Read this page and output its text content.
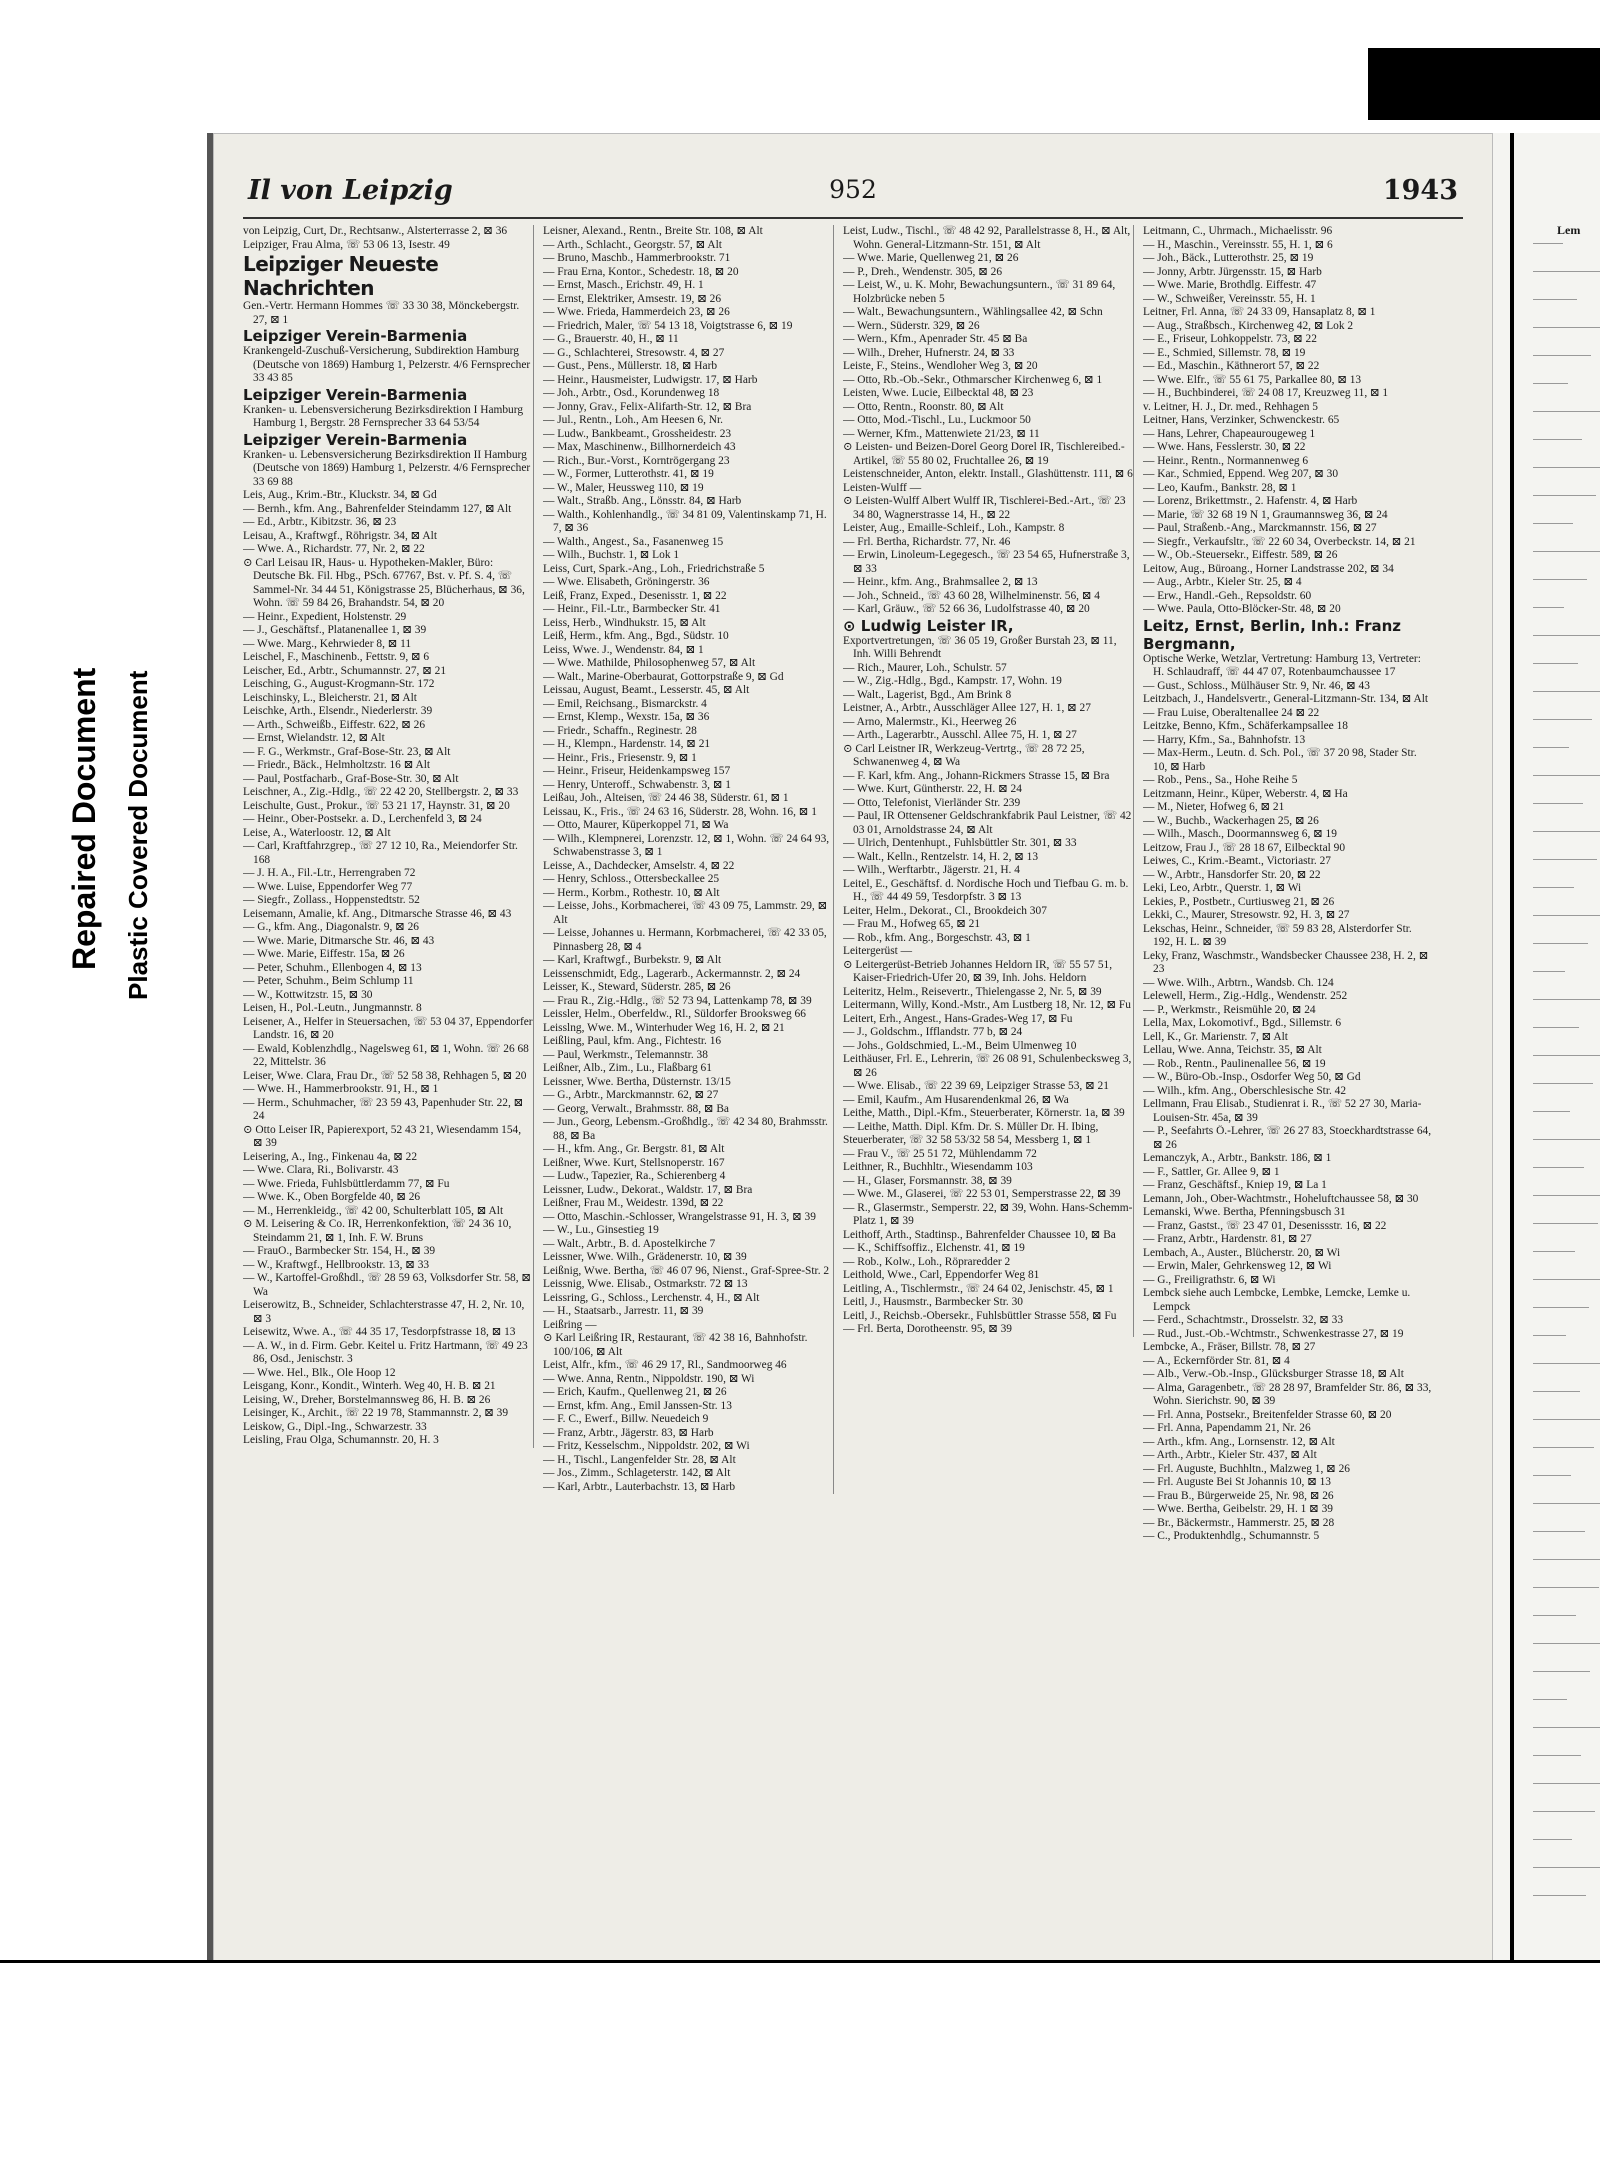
Repaired Document Plastic Covered Document
Il von Leipzig	952	1943
von Leipzig, Curt, Dr., Rechtsanw., Alsterterrasse 2, ⊠ 36
Leipziger, Frau Alma, ☏ 53 06 13, Isestr. 49
Leipziger Neueste Nachrichten
Gen.-Vertr. Hermann Hommes ☏ 33 30 38, Mönckebergstr. 27, ⊠ 1
Leipziger Verein-Barmenia
Krankengeld-Zuschuß-Versicherung, Subdirektion Hamburg (Deutsche von 1869) Hamburg 1, Pelzerstr. 4/6 Fernsprecher 33 43 85
Leipziger Verein-Barmenia
Kranken- u. Lebensversicherung Bezirksdirektion I Hamburg Hamburg 1, Bergstr. 28 Fernsprecher 33 64 53/54
Leipziger Verein-Barmenia
Kranken- u. Lebensversicherung Bezirksdirektion II Hamburg (Deutsche von 1869) Hamburg 1, Pelzerstr. 4/6 Fernsprecher 33 69 88
Leis, Aug., Krim.-Btr., Kluckstr. 34, ⊠ Gd
— Bernh., kfm. Ang., Bahrenfelder Steindamm 127, ⊠ Alt
— Ed., Arbtr., Kibitzstr. 36, ⊠ 23
Leisau, A., Kraftwgf., Röhrigstr. 34, ⊠ Alt
— Wwe. A., Richardstr. 77, Nr. 2, ⊠ 22
⊙ Carl Leisau IR, Haus- u. Hypotheken-Makler, Büro: Deutsche Bk. Fil. Hbg., PSch. 67767, Bst. v. Pf. S. 4, ☏ Sammel-Nr. 34 44 51, Königstrasse 25, Blücherhaus, ⊠ 36, Wohn. ☏ 59 84 26, Brahandstr. 54, ⊠ 20
— Heinr., Expedient, Holstenstr. 29
— J., Geschäftsf., Platanenallee 1, ⊠ 39
— Wwe. Marg., Kehrwieder 8, ⊠ 11
Leischel, F., Maschinenb., Fettstr. 9, ⊠ 6
Leischer, Ed., Arbtr., Schumannstr. 27, ⊠ 21
Leisching, G., August-Krogmann-Str. 172
Leischinsky, L., Bleicherstr. 21, ⊠ Alt
Leischke, Arth., Elsendr., Niederlerstr. 39
— Arth., Schweißb., Eiffestr. 622, ⊠ 26
— Ernst, Wielandstr. 12, ⊠ Alt
— F. G., Werkmstr., Graf-Bose-Str. 23, ⊠ Alt
— Friedr., Bäck., Helmholtzstr. 16 ⊠ Alt
— Paul, Postfacharb., Graf-Bose-Str. 30, ⊠ Alt
Leischner, A., Zig.-Hdlg., ☏ 22 42 20, Stellbergstr. 2, ⊠ 33
Leischulte, Gust., Prokur., ☏ 53 21 17, Haynstr. 31, ⊠ 20
— Heinr., Ober-Postsekr. a. D., Lerchenfeld 3, ⊠ 24
Leise, A., Waterloostr. 12, ⊠ Alt
— Carl, Kraftfahrzgrep., ☏ 27 12 10, Ra., Meiendorfer Str. 168
— J. H. A., Fil.-Ltr., Herrengraben 72
— Wwe. Luise, Eppendorfer Weg 77
— Siegfr., Zollass., Hoppenstedtstr. 52
Leisemann, Amalie, kf. Ang., Ditmarsche Strasse 46, ⊠ 43
— G., kfm. Ang., Diagonalstr. 9, ⊠ 26
— Wwe. Marie, Ditmarsche Str. 46, ⊠ 43
— Wwe. Marie, Eiffestr. 15a, ⊠ 26
— Peter, Schuhm., Ellenbogen 4, ⊠ 13
— Peter, Schuhm., Beim Schlump 11
— W., Kottwitzstr. 15, ⊠ 30
Leisen, H., Pol.-Leutn., Jungmannstr. 8
Leisener, A., Helfer in Steuersachen, ☏ 53 04 37, Eppendorfer Landstr. 16, ⊠ 20
— Ewald, Koblenzhdlg., Nagelsweg 61, ⊠ 1, Wohn. ☏ 26 68 22, Mittelstr. 36
Leiser, Wwe. Clara, Frau Dr., ☏ 52 58 38, Rehhagen 5, ⊠ 20
— Wwe. H., Hammerbrookstr. 91, H., ⊠ 1
— Herm., Schuhmacher, ☏ 23 59 43, Papenhuder Str. 22, ⊠ 24
⊙ Otto Leiser IR, Papierexport, 52 43 21, Wiesendamm 154, ⊠ 39
Leisering, A., Ing., Finkenau 4a, ⊠ 22
— Wwe. Clara, Ri., Bolivarstr. 43
— Wwe. Frieda, Fuhlsbüttlerdamm 77, ⊠ Fu
— Wwe. K., Oben Borgfelde 40, ⊠ 26
— M., Herrenkleidg., ☏ 42 00, Schulterblatt 105, ⊠ Alt
⊙ M. Leisering & Co. IR, Herrenkonfektion, ☏ 24 36 10, Steindamm 21, ⊠ 1, Inh. F. W. Bruns
— FrauO., Barmbecker Str. 154, H., ⊠ 39
— W., Kraftwgf., Hellbrookstr. 13, ⊠ 33
— W., Kartoffel-Großhdl., ☏ 28 59 63, Volksdorfer Str. 58, ⊠ Wa
Leiserowitz, B., Schneider, Schlachterstrasse 47, H. 2, Nr. 10, ⊠ 3
Leisewitz, Wwe. A., ☏ 44 35 17, Tesdorpfstrasse 18, ⊠ 13
— A. W., in d. Firm. Gebr. Keitel u. Fritz Hartmann, ☏ 49 23 86, Osd., Jenischstr. 3
— Wwe. Hel., Blk., Ole Hoop 12
Leisgang, Konr., Kondit., Winterh. Weg 40, H. B. ⊠ 21
Leising, W., Dreher, Borstelmannsweg 86, H. B. ⊠ 26
Leisinger, K., Archit., ☏ 22 19 78, Stammannstr. 2, ⊠ 39
Leiskow, G., Dipl.-Ing., Schwarzestr. 33
Leisling, Frau Olga, Schumannstr. 20, H. 3
Leisner, Alexand., Rentn., Breite Str. 108, ⊠ Alt
— Arth., Schlacht., Georgstr. 57, ⊠ Alt
— Bruno, Maschb., Hammerbrookstr. 71
— Frau Erna, Kontor., Schedestr. 18, ⊠ 20
— Ernst, Masch., Erichstr. 49, H. 1
— Ernst, Elektriker, Amsestr. 19, ⊠ 26
— Wwe. Frieda, Hammerdeich 23, ⊠ 26
— Friedrich, Maler, ☏ 54 13 18, Voigtstrasse 6, ⊠ 19
— G., Brauerstr. 40, H., ⊠ 11
— G., Schlachterei, Stresowstr. 4, ⊠ 27
— Gust., Pens., Müllerstr. 18, ⊠ Harb
— Heinr., Hausmeister, Ludwigstr. 17, ⊠ Harb
— Joh., Arbtr., Osd., Korundenweg 18
— Jonny, Grav., Felix-Alifarth-Str. 12, ⊠ Bra
— Jul., Rentn., Loh., Am Heesen 6, Nr.
— Ludw., Bankbeamt., Grossheidestr. 23
— Max, Maschinenw., Billhornerdeich 43
— Rich., Bur.-Vorst., Korntrögergang 23
— W., Former, Lutterothstr. 41, ⊠ 19
— W., Maler, Heussweg 110, ⊠ 19
— Walt., Straßb. Ang., Lönsstr. 84, ⊠ Harb
— Walth., Kohlenhandlg., ☏ 34 81 09, Valentinskamp 71, H. 7, ⊠ 36
— Walth., Angest., Sa., Fasanenweg 15
— Wilh., Buchstr. 1, ⊠ Lok 1
Leiss, Curt, Spark.-Ang., Loh., Friedrichstraße 5
— Wwe. Elisabeth, Gröningerstr. 36
Leiß, Franz, Exped., Desenisstr. 1, ⊠ 22
— Heinr., Fil.-Ltr., Barmbecker Str. 41
Leiss, Herb., Windhukstr. 15, ⊠ Alt
Leiß, Herm., kfm. Ang., Bgd., Südstr. 10
Leiss, Wwe. J., Wendenstr. 84, ⊠ 1
— Wwe. Mathilde, Philosophenweg 57, ⊠ Alt
— Walt., Marine-Oberbaurat, Gottorpstraße 9, ⊠ Gd
Leissau, August, Beamt., Lesserstr. 45, ⊠ Alt
— Emil, Reichsang., Bismarckstr. 4
— Ernst, Klemp., Wexstr. 15a, ⊠ 36
— Friedr., Schaffn., Reginestr. 28
— H., Klempn., Hardenstr. 14, ⊠ 21
— Heinr., Fris., Friesenstr. 9, ⊠ 1
— Heinr., Friseur, Heidenkampsweg 157
— Henry, Unteroff., Schwabenstr. 3, ⊠ 1
Leißau, Joh., Alteisen, ☏ 24 46 38, Süderstr. 61, ⊠ 1
Leissau, K., Fris., ☏ 24 63 16, Süderstr. 28, Wohn. 16, ⊠ 1
— Otto, Maurer, Küperkoppel 71, ⊠ Wa
— Wilh., Klempnerei, Lorenzstr. 12, ⊠ 1, Wohn. ☏ 24 64 93, Schwabenstrasse 3, ⊠ 1
Leisse, A., Dachdecker, Amselstr. 4, ⊠ 22
— Henry, Schloss., Ottersbeckallee 25
— Herm., Korbm., Rothestr. 10, ⊠ Alt
— Leisse, Johs., Korbmacherei, ☏ 43 09 75, Lammstr. 29, ⊠ Alt
— Leisse, Johannes u. Hermann, Korbmacherei, ☏ 42 33 05, Pinnasberg 28, ⊠ 4
— Karl, Kraftwgf., Burbekstr. 9, ⊠ Alt
Leissenschmidt, Edg., Lagerarb., Ackermannstr. 2, ⊠ 24
Leisser, K., Steward, Süderstr. 285, ⊠ 26
— Frau R., Zig.-Hdlg., ☏ 52 73 94, Lattenkamp 78, ⊠ 39
Leissler, Helm., Oberfeldw., Rl., Süldorfer Brooksweg 66
Leisslng, Wwe. M., Winterhuder Weg 16, H. 2, ⊠ 21
Leißling, Paul, kfm. Ang., Fichtestr. 16
— Paul, Werkmstr., Telemannstr. 38
Leißner, Alb., Zim., Lu., Flaßbarg 61
Leissner, Wwe. Bertha, Düsternstr. 13/15
— G., Arbtr., Marckmannstr. 62, ⊠ 27
— Georg, Verwalt., Brahmsstr. 88, ⊠ Ba
— Jun., Georg, Lebensm.-Großhdlg., ☏ 42 34 80, Brahmsstr. 88, ⊠ Ba
— H., kfm. Ang., Gr. Bergstr. 81, ⊠ Alt
Leißner, Wwe. Kurt, Stellsnoperstr. 167
— Ludw., Tapezier, Ra., Schierenberg 4
Leissner, Ludw., Dekorat., Waldstr. 17, ⊠ Bra
Leißner, Frau M., Weidestr. 139d, ⊠ 22
— Otto, Maschin.-Schlosser, Wrangelstrasse 91, H. 3, ⊠ 39
— W., Lu., Ginsestieg 19
— Walt., Arbtr., B. d. Apostelkirche 7
Leissner, Wwe. Wilh., Grädenerstr. 10, ⊠ 39
Leißnig, Wwe. Bertha, ☏ 46 07 96, Nienst., Graf-Spree-Str. 2
Leissnig, Wwe. Elisab., Ostmarkstr. 72 ⊠ 13
Leissring, G., Schloss., Lerchenstr. 4, H., ⊠ Alt
— H., Staatsarb., Jarrestr. 11, ⊠ 39
Leißring —
⊙ Karl Leißring IR, Restaurant, ☏ 42 38 16, Bahnhofstr. 100/106, ⊠ Alt
Leist, Alfr., kfm., ☏ 46 29 17, Rl., Sandmoorweg 46
— Wwe. Anna, Rentn., Nippoldstr. 190, ⊠ Wi
— Erich, Kaufm., Quellenweg 21, ⊠ 26
— Ernst, kfm. Ang., Emil Janssen-Str. 13
— F. C., Ewerf., Billw. Neuedeich 9
— Franz, Arbtr., Jägerstr. 83, ⊠ Harb
— Fritz, Kesselschm., Nippoldstr. 202, ⊠ Wi
— H., Tischl., Langenfelder Str. 28, ⊠ Alt
— Jos., Zimm., Schlageterstr. 142, ⊠ Alt
— Karl, Arbtr., Lauterbachstr. 13, ⊠ Harb
Leist, Ludw., Tischl., ☏ 48 42 92, Parallelstrasse 8, H., ⊠ Alt, Wohn. General-Litzmann-Str. 151, ⊠ Alt
— Wwe. Marie, Quellenweg 21, ⊠ 26
— P., Dreh., Wendenstr. 305, ⊠ 26
— Leist, W., u. K. Mohr, Bewachungsuntern., ☏ 31 89 64, Holzbrücke neben 5
— Walt., Bewachungsuntern., Wählingsallee 42, ⊠ Schn
— Wern., Süderstr. 329, ⊠ 26
— Wern., Kfm., Apenrader Str. 45 ⊠ Ba
— Wilh., Dreher, Hufnerstr. 24, ⊠ 33
Leiste, F., Steins., Wendloher Weg 3, ⊠ 20
— Otto, Rb.-Ob.-Sekr., Othmarscher Kirchenweg 6, ⊠ 1
Leisten, Wwe. Lucie, Eilbecktal 48, ⊠ 23
— Otto, Rentn., Roonstr. 80, ⊠ Alt
— Otto, Mod.-Tischl., Lu., Luckmoor 50
— Werner, Kfm., Mattenwiete 21/23, ⊠ 11
⊙ Leisten- und Beizen-Dorel Georg Dorel IR, Tischlereibed.-Artikel, ☏ 55 80 02, Fruchtallee 26, ⊠ 19
Leistenschneider, Anton, elektr. Install., Glashüttenstr. 111, ⊠ 6
Leisten-Wulff —
⊙ Leisten-Wulff Albert Wulff IR, Tischlerei-Bed.-Art., ☏ 23 34 80, Wagnerstrasse 14, H., ⊠ 22
Leister, Aug., Emaille-Schleif., Loh., Kampstr. 8
— Frl. Bertha, Richardstr. 77, Nr. 46
— Erwin, Linoleum-Legegesch., ☏ 23 54 65, Hufnerstraße 3, ⊠ 33
— Heinr., kfm. Ang., Brahmsallee 2, ⊠ 13
— Joh., Schneid., ☏ 43 60 28, Wilhelminenstr. 56, ⊠ 4
— Karl, Gräuw., ☏ 52 66 36, Ludolfstrasse 40, ⊠ 20
⊙ Ludwig Leister IR,
Exportvertretungen, ☏ 36 05 19, Großer Burstah 23, ⊠ 11, Inh. Willi Behrendt
— Rich., Maurer, Loh., Schulstr. 57
— W., Zig.-Hdlg., Bgd., Kampstr. 17, Wohn. 19
— Walt., Lagerist, Bgd., Am Brink 8
Leistner, A., Arbtr., Ausschläger Allee 127, H. 1, ⊠ 27
— Arno, Malermstr., Ki., Heerweg 26
— Arth., Lagerarbtr., Ausschl. Allee 75, H. 1, ⊠ 27
⊙ Carl Leistner IR, Werkzeug-Vertrtg., ☏ 28 72 25, Schwanenweg 4, ⊠ Wa
— F. Karl, kfm. Ang., Johann-Rickmers Strasse 15, ⊠ Bra
— Wwe. Kurt, Güntherstr. 22, H. ⊠ 24
— Otto, Telefonist, Vierländer Str. 239
— Paul, IR Ottensener Geldschrankfabrik Paul Leistner, ☏ 42 03 01, Arnoldstrasse 24, ⊠ Alt
— Ulrich, Dentenhupt., Fuhlsbüttler Str. 301, ⊠ 33
— Walt., Kelln., Rentzelstr. 14, H. 2, ⊠ 13
— Wilh., Werftarbtr., Jägerstr. 21, H. 4
Leitel, E., Geschäftsf. d. Nordische Hoch und Tiefbau G. m. b. H., ☏ 44 49 59, Tesdorpfstr. 3 ⊠ 13
Leiter, Helm., Dekorat., Cl., Brookdeich 307
— Frau M., Hofweg 65, ⊠ 21
— Rob., kfm. Ang., Borgeschstr. 43, ⊠ 1
Leitergerüst —
⊙ Leitergerüst-Betrieb Johannes Heldorn IR, ☏ 55 57 51, Kaiser-Friedrich-Ufer 20, ⊠ 39, Inh. Johs. Heldorn
Leiteritz, Helm., Reisevertr., Thielengasse 2, Nr. 5, ⊠ 39
Leitermann, Willy, Kond.-Mstr., Am Lustberg 18, Nr. 12, ⊠ Fu
Leitert, Erh., Angest., Hans-Grades-Weg 17, ⊠ Fu
— J., Goldschm., Ifflandstr. 77 b, ⊠ 24
— Johs., Goldschmied, L.-M., Beim Ulmenweg 10
Leithäuser, Frl. E., Lehrerin, ☏ 26 08 91, Schulenbecksweg 3, ⊠ 26
— Wwe. Elisab., ☏ 22 39 69, Leipziger Strasse 53, ⊠ 21
— Emil, Kaufm., Am Husarendenkmal 26, ⊠ Wa
Leithe, Matth., Dipl.-Kfm., Steuerberater, Körnerstr. 1a, ⊠ 39
— Leithe, Matth. Dipl. Kfm. Dr. S. Müller Dr. H. Ibing,
Steuerberater, ☏ 32 58 53/32 58 54, Messberg 1, ⊠ 1
— Frau V., ☏ 25 51 72, Mühlendamm 72
Leithner, R., Buchhltr., Wiesendamm 103
— H., Glaser, Forsmannstr. 38, ⊠ 39
— Wwe. M., Glaserei, ☏ 22 53 01, Semperstrasse 22, ⊠ 39
— R., Glasermstr., Semperstr. 22, ⊠ 39, Wohn. Hans-Schemm-Platz 1, ⊠ 39
Leithoff, Arth., Stadtinsp., Bahrenfelder Chaussee 10, ⊠ Ba
— K., Schiffsoffiz., Elchenstr. 41, ⊠ 19
— Rob., Kolw., Loh., Röpraredder 2
Leithold, Wwe., Carl, Eppendorfer Weg 81
Leitling, A., Tischlermstr., ☏ 24 64 02, Jenischstr. 45, ⊠ 1
Leitl, J., Hausmstr., Barmbecker Str. 30
Leitl, J., Reichsb.-Obersekr., Fuhlsbüttler Strasse 558, ⊠ Fu
— Frl. Berta, Dorotheenstr. 95, ⊠ 39
Leitmann, C., Uhrmach., Michaelisstr. 96
— H., Maschin., Vereinsstr. 55, H. 1, ⊠ 6
— Joh., Bäck., Lutterothstr. 25, ⊠ 19
— Jonny, Arbtr. Jürgensstr. 15, ⊠ Harb
— Wwe. Marie, Brothdlg. Eiffestr. 47
— W., Schweißer, Vereinsstr. 55, H. 1
Leitner, Frl. Anna, ☏ 24 33 09, Hansaplatz 8, ⊠ 1
— Aug., Straßbsch., Kirchenweg 42, ⊠ Lok 2
— E., Friseur, Lohkoppelstr. 73, ⊠ 22
— E., Schmied, Sillemstr. 78, ⊠ 19
— Ed., Maschin., Käthnerort 57, ⊠ 22
— Wwe. Elfr., ☏ 55 61 75, Parkallee 80, ⊠ 13
— H., Buchbinderei, ☏ 24 08 17, Kreuzweg 11, ⊠ 1
v. Leitner, H. J., Dr. med., Rehhagen 5
Leitner, Hans, Verzinker, Schwenckestr. 65
— Hans, Lehrer, Chapeaurougeweg 1
— Wwe. Hans, Fesslerstr. 30, ⊠ 22
— Heinr., Rentn., Normannenweg 6
— Kar., Schmied, Eppend. Weg 207, ⊠ 30
— Leo, Kaufm., Bankstr. 28, ⊠ 1
— Lorenz, Brikettmstr., 2. Hafenstr. 4, ⊠ Harb
— Marie, ☏ 32 68 19 N 1, Graumannsweg 36, ⊠ 24
— Paul, Straßenb.-Ang., Marckmannstr. 156, ⊠ 27
— Siegfr., Verkaufsltr., ☏ 22 60 34, Overbeckstr. 14, ⊠ 21
— W., Ob.-Steuersekr., Eiffestr. 589, ⊠ 26
Leitow, Aug., Büroang., Horner Landstrasse 202, ⊠ 34
— Aug., Arbtr., Kieler Str. 25, ⊠ 4
— Erw., Handl.-Geh., Repsoldstr. 60
— Wwe. Paula, Otto-Blöcker-Str. 48, ⊠ 20
Leitz, Ernst, Berlin, Inh.: Franz Bergmann,
Optische Werke, Wetzlar, Vertretung: Hamburg 13, Vertreter: H. Schlaudraff, ☏ 44 47 07, Rotenbaumchaussee 17
— Gust., Schloss., Mülhäuser Str. 9, Nr. 46, ⊠ 43
Leitzbach, J., Handelsvertr., General-Litzmann-Str. 134, ⊠ Alt
— Frau Luise, Oberaltenallee 24 ⊠ 22
Leitzke, Benno, Kfm., Schäferkampsallee 18
— Harry, Kfm., Sa., Bahnhofstr. 13
— Max-Herm., Leutn. d. Sch. Pol., ☏ 37 20 98, Stader Str. 10, ⊠ Harb
— Rob., Pens., Sa., Hohe Reihe 5
Leitzmann, Heinr., Küper, Weberstr. 4, ⊠ Ha
— M., Nieter, Hofweg 6, ⊠ 21
— W., Buchb., Wackerhagen 25, ⊠ 26
— Wilh., Masch., Doormannsweg 6, ⊠ 19
Leitzow, Frau J., ☏ 28 18 67, Eilbecktal 90
Leiwes, C., Krim.-Beamt., Victoriastr. 27
— W., Arbtr., Hansdorfer Str. 20, ⊠ 22
Leki, Leo, Arbtr., Querstr. 1, ⊠ Wi
Lekies, P., Postbetr., Curtiusweg 21, ⊠ 26
Lekki, C., Maurer, Stresowstr. 92, H. 3, ⊠ 27
Lekschas, Heinr., Schneider, ☏ 59 83 28, Alsterdorfer Str. 192, H. L. ⊠ 39
Leky, Franz, Waschmstr., Wandsbecker Chaussee 238, H. 2, ⊠ 23
— Wwe. Wilh., Arbtrn., Wandsb. Ch. 124
Lelewell, Herm., Zig.-Hdlg., Wendenstr. 252
— P., Werkmstr., Reismühle 20, ⊠ 24
Lella, Max, Lokomotivf., Bgd., Sillemstr. 6
Lell, K., Gr. Marienstr. 7, ⊠ Alt
Lellau, Wwe. Anna, Teichstr. 35, ⊠ Alt
— Rob., Rentn., Paulinenallee 56, ⊠ 19
— W., Büro-Ob.-Insp., Osdorfer Weg 50, ⊠ Gd
— Wilh., kfm. Ang., Oberschlesische Str. 42
Lellmann, Frau Elisab., Studienrat i. R., ☏ 52 27 30, Maria-Louisen-Str. 45a, ⊠ 39
— P., Seefahrts Ö.-Lehrer, ☏ 26 27 83, Stoeckhardtstrasse 64, ⊠ 26
Lemanczyk, A., Arbtr., Bankstr. 186, ⊠ 1
— F., Sattler, Gr. Allee 9, ⊠ 1
— Franz, Geschäftsf., Kniep 19, ⊠ La 1
Lemann, Joh., Ober-Wachtmstr., Hoheluftchaussee 58, ⊠ 30
Lemanski, Wwe. Bertha, Pfenningsbusch 31
— Franz, Gastst., ☏ 23 47 01, Desenissstr. 16, ⊠ 22
— Franz, Arbtr., Hardenstr. 81, ⊠ 27
Lembach, A., Auster., Blücherstr. 20, ⊠ Wi
— Erwin, Maler, Gehrkensweg 12, ⊠ Wi
— G., Freiligrathstr. 6, ⊠ Wi
Lembck siehe auch Lembcke, Lembke, Lemcke, Lemke u. Lempck
— Ferd., Schachtmstr., Drosselstr. 32, ⊠ 33
— Rud., Just.-Ob.-Wchtmstr., Schwenkestrasse 27, ⊠ 19
Lembcke, A., Fräser, Billstr. 78, ⊠ 27
— A., Eckernförder Str. 81, ⊠ 4
— Alb., Verw.-Ob.-Insp., Glücksburger Strasse 18, ⊠ Alt
— Alma, Garagenbetr., ☏ 28 28 97, Bramfelder Str. 86, ⊠ 33, Wohn. Sierichstr. 90, ⊠ 39
— Frl. Anna, Postsekr., Breitenfelder Strasse 60, ⊠ 20
— Frl. Anna, Papendamm 21, Nr. 26
— Arth., kfm. Ang., Lornsenstr. 12, ⊠ Alt
— Arth., Arbtr., Kieler Str. 437, ⊠ Alt
— Frl. Auguste, Buchhltn., Malzweg 1, ⊠ 26
— Frl. Auguste Bei St Johannis 10, ⊠ 13
— Frau B., Bürgerweide 25, Nr. 98, ⊠ 26
— Wwe. Bertha, Geibelstr. 29, H. 1 ⊠ 39
— Br., Bäckermstr., Hammerstr. 25, ⊠ 28
— C., Produktenhdlg., Schumannstr. 5
Lem
